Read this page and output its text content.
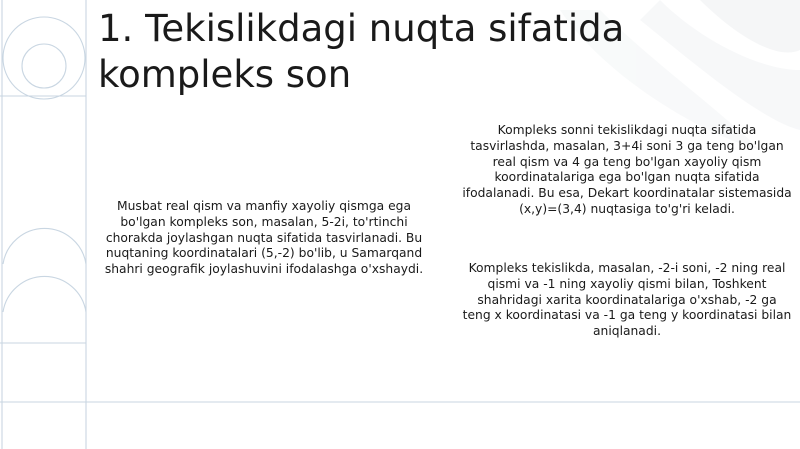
1. Tekislikdagi nuqta sifatida kompleks son

Musbat real qism va manfiy xayoliy qismga ega bo'lgan kompleks son, masalan, 5-2i, to'rtinchi chorakda joylashgan nuqta sifatida tasvirlanadi. Bu nuqtaning koordinatalari (5,-2) bo'lib, u Samarqand shahri geografik joylashuvini ifodalashga o'xshaydi.

Kompleks sonni tekislikdagi nuqta sifatida tasvirlashda, masalan, 3+4i soni 3 ga teng bo'lgan real qism va 4 ga teng bo'lgan xayoliy qism koordinatalariga ega bo'lgan nuqta sifatida ifodalanadi. Bu esa, Dekart koordinatalar sistemasida (x,y)=(3,4) nuqtasiga to'g'ri keladi.

Kompleks tekislikda, masalan, -2-i soni, -2 ning real qismi va -1 ning xayoliy qismi bilan, Toshkent shahridagi xarita koordinatalariga o'xshab, -2 ga teng x koordinatasi va -1 ga teng y koordinatasi bilan aniqlanadi.
